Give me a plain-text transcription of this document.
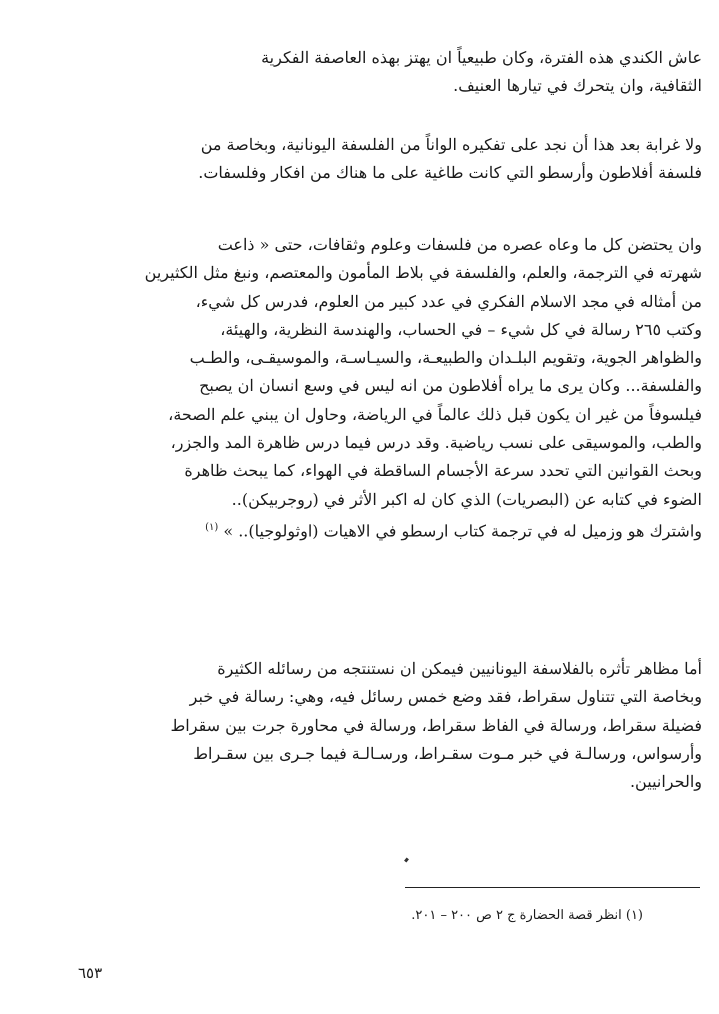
عاش الكندي هذه الفترة، وكان طبيعياً ان يهتز بهذه العاصفة الفكرية
الثقافية، وان يتحرك في تيارها العنيف.
ولا غرابة بعد هذا أن نجد على تفكيره الواناً من الفلسفة اليونانية، وبخاصة من
فلسفة أفلاطون وأرسطو التي كانت طاغية على ما هناك من افكار وفلسفات.
وان يحتضن كل ما وعاه عصره من فلسفات وعلوم وثقافات، حتى « ذاعت
شهرته في الترجمة، والعلم، والفلسفة في بلاط المأمون والمعتصم، ونبغ مثل الكثيرين
من أمثاله في مجد الاسلام الفكري في عدد كبير من العلوم، فدرس كل شيء،
وكتب ٢٦٥ رسالة في كل شيء – في الحساب، والهندسة النظرية، والهيئة،
والظواهر الجوية، وتقويم البلـدان والطبيعـة، والسيـاسـة، والموسيقـى، والطـب
والفلسفة... وكان يرى ما يراه أفلاطون من انه ليس في وسع انسان ان يصبح
فيلسوفاً من غير ان يكون قبل ذلك عالماً في الرياضة، وحاول ان يبني علم الصحة،
والطب، والموسيقى على نسب رياضية. وقد درس فيما درس ظاهرة المد والجزر،
وبحث القوانين التي تحدد سرعة الأجسام الساقطة في الهواء، كما يبحث ظاهرة
الضوء في كتابه عن (البصريات) الذي كان له اكبر الأثر في (روجربيكن)..
واشترك هو وزميل له في ترجمة كتاب ارسطو في الاهيات (اوثولوجيا).. » $^{(١)}$
أما مظاهر تأثره بالفلاسفة اليونانيين فيمكن ان نستنتجه من رسائله الكثيرة
وبخاصة التي تتناول سقراط، فقد وضع خمس رسائل فيه، وهي: رسالة في خبر
فضيلة سقراط، ورسالة في الفاظ سقراط، ورسالة في محاورة جرت بين سقراط
وأرسواس، ورسالـة في خبر مـوت سقـراط، ورسـالـة فيما جـرى بين سقـراط
والحرانيين.
(١) انظر قصة الحضارة ج ٢ ص ٢٠٠ – ٢٠١.
٦٥٣
